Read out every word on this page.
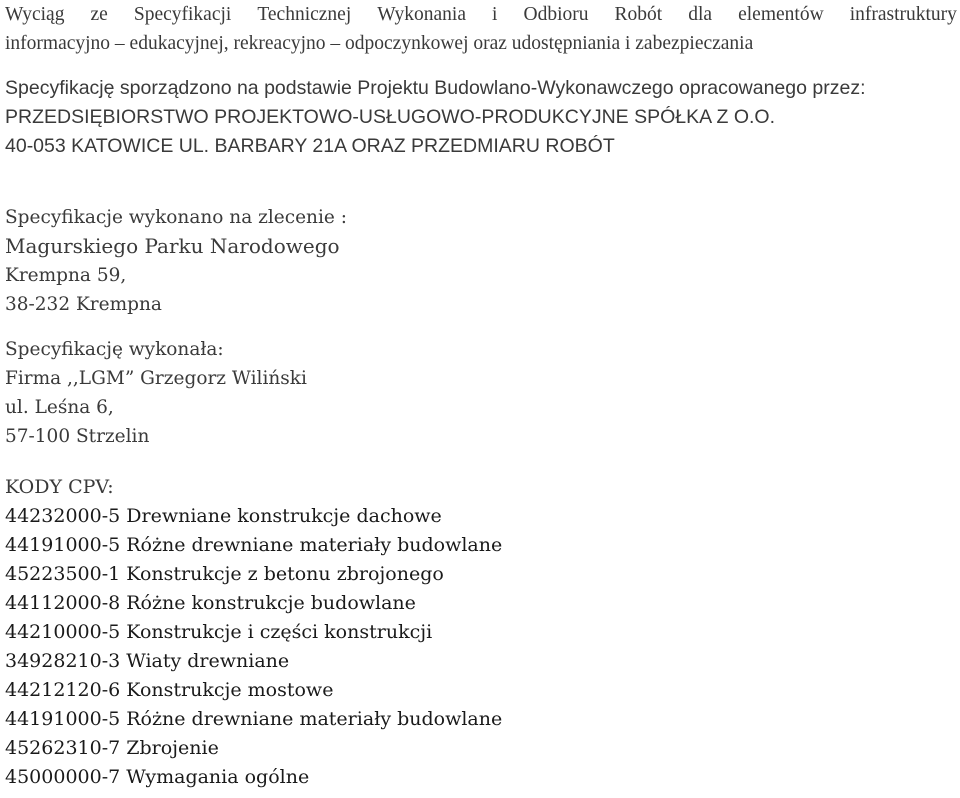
Wyciąg ze Specyfikacji Technicznej Wykonania i Odbioru Robót dla elementów infrastruktury
informacyjno – edukacyjnej, rekreacyjno – odpoczynkowej oraz udostępniania i zabezpieczania
Specyfikację sporządzono na podstawie Projektu Budowlano-Wykonawczego opracowanego przez:
PRZEDSIĘBIORSTWO PROJEKTOWO-USŁUGOWO-PRODUKCYJNE SPÓŁKA Z O.O.
40-053 KATOWICE UL. BARBARY 21A ORAZ PRZEDMIARU ROBÓT
Specyfikacje wykonano na zlecenie :
Magurskiego Parku Narodowego
Krempna 59,
38-232 Krempna
Specyfikację wykonała:
Firma ,,LGM” Grzegorz Wiliński
ul. Leśna 6,
57-100 Strzelin
KODY CPV:
44232000-5 Drewniane konstrukcje dachowe
44191000-5 Różne drewniane materiały budowlane
45223500-1 Konstrukcje z betonu zbrojonego
44112000-8 Różne konstrukcje budowlane
44210000-5 Konstrukcje i części konstrukcji
34928210-3 Wiaty drewniane
44212120-6 Konstrukcje mostowe
44191000-5 Różne drewniane materiały budowlane
45262310-7 Zbrojenie
45000000-7 Wymagania ogólne
